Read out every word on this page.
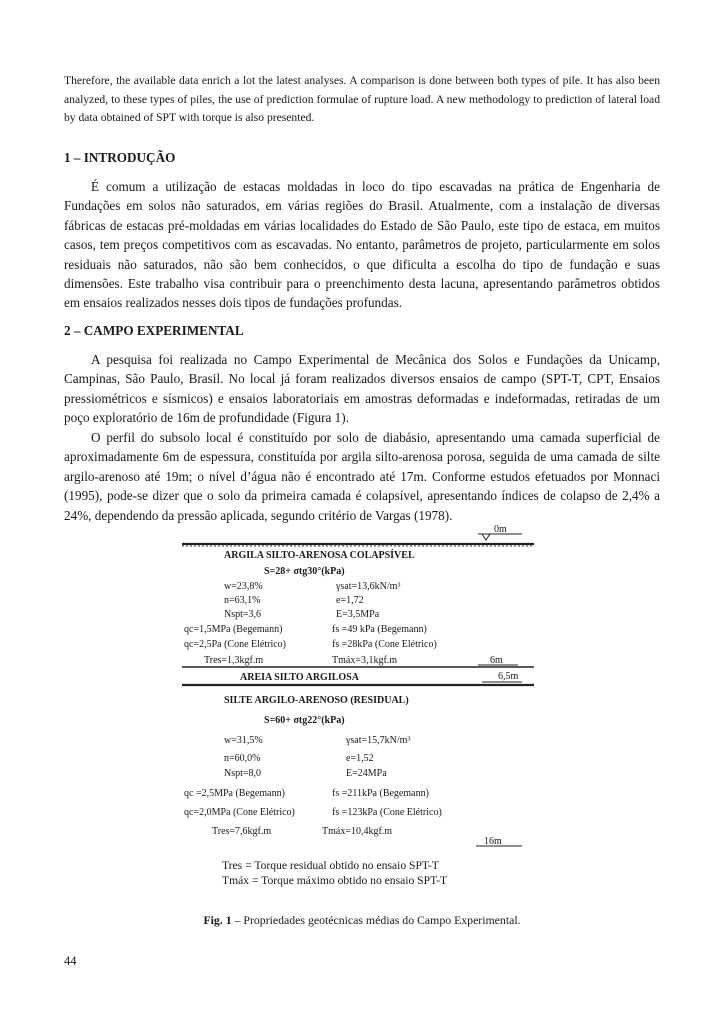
Therefore, the available data enrich a lot the latest analyses. A comparison is done between both types of pile. It has also been analyzed, to these types of piles, the use of prediction formulae of rupture load. A new methodology to prediction of lateral load by data obtained of SPT with torque is also presented.

1 – INTRODUÇÃO

É comum a utilização de estacas moldadas in loco do tipo escavadas na prática de Engenharia de Fundações em solos não saturados, em várias regiões do Brasil. Atualmente, com a instalação de diversas fábricas de estacas pré-moldadas em várias localidades do Estado de São Paulo, este tipo de estaca, em muitos casos, tem preços competitivos com as escavadas. No entanto, parâmetros de projeto, particularmente em solos residuais não saturados, não são bem conhecidos, o que dificulta a escolha do tipo de fundação e suas dimensões. Este trabalho visa contribuir para o preenchimento desta lacuna, apresentando parâmetros obtidos em ensaios realizados nesses dois tipos de fundações profundas.

2 – CAMPO EXPERIMENTAL

A pesquisa foi realizada no Campo Experimental de Mecânica dos Solos e Fundações da Unicamp, Campinas, São Paulo, Brasil. No local já foram realizados diversos ensaios de campo (SPT-T, CPT, Ensaios pressiométricos e sísmicos) e ensaios laboratoriais em amostras deformadas e indeformadas, retiradas de um poço exploratório de 16m de profundidade (Figura 1).

O perfil do subsolo local é constituído por solo de diabásio, apresentando uma camada superficial de aproximadamente 6m de espessura, constituída por argila silto-arenosa porosa, seguida de uma camada de silte argilo-arenoso até 19m; o nível d’água não é encontrado até 17m. Conforme estudos efetuados por Monnaci (1995), pode-se dizer que o solo da primeira camada é colapsível, apresentando índices de colapso de 2,4% a 24%, dependendo da pressão aplicada, segundo critério de Vargas (1978).

0m
ARGILA SILTO-ARENOSA COLAPSÍVEL
S=28+ σtg30°(kPa)
w=23,8%	γsat=13,6kN/m³
n=63,1%	e=1,72
Nspt=3,6	E=3,5MPa
qc=1,5MPa (Begemann)	fs =49 kPa (Begemann)
qc=2,5Pa (Cone Elétrico)	fs =28kPa (Cone Elétrico)
Tres=1,3kgf.m	Tmáx=3,1kgf.m	6m
AREIA SILTO ARGILOSA	6,5m
SILTE ARGILO-ARENOSO (RESIDUAL)
S=60+ σtg22°(kPa)
w=31,5%	γsat=15,7kN/m³
n=60,0%	e=1,52
Nspt=8,0	E=24MPa
qc =2,5MPa (Begemann)	fs =211kPa (Begemann)
qc=2,0MPa (Cone Elétrico)	fs =123kPa (Cone Elétrico)
Tres=7,6kgf.m	Tmáx=10,4kgf.m
16m
Tres = Torque residual obtido no ensaio SPT-T
Tmáx = Torque máximo obtido no ensaio SPT-T

Fig. 1 – Propriedades geotécnicas médias do Campo Experimental.

44
